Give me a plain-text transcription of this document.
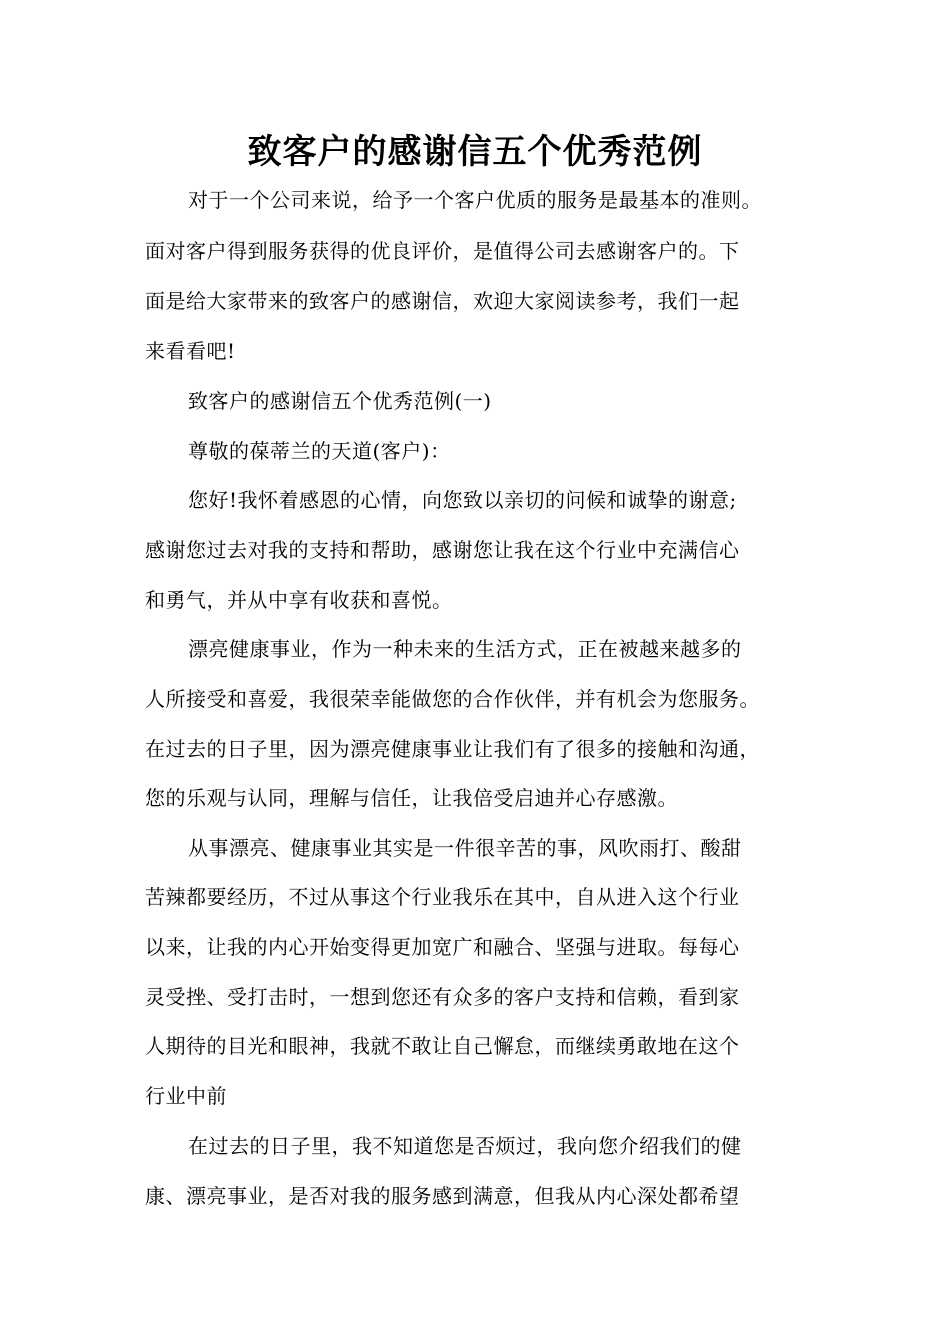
致客户的感谢信五个优秀范例
对于一个公司来说，给予一个客户优质的服务是最基本的准则。
面对客户得到服务获得的优良评价，是值得公司去感谢客户的。下
面是给大家带来的致客户的感谢信，欢迎大家阅读参考，我们一起
来看看吧!
致客户的感谢信五个优秀范例(一)
尊敬的葆蒂兰的天道(客户)：
您好!我怀着感恩的心情，向您致以亲切的问候和诚挚的谢意;
感谢您过去对我的支持和帮助，感谢您让我在这个行业中充满信心
和勇气，并从中享有收获和喜悦。
漂亮健康事业，作为一种未来的生活方式，正在被越来越多的
人所接受和喜爱，我很荣幸能做您的合作伙伴，并有机会为您服务。
在过去的日子里，因为漂亮健康事业让我们有了很多的接触和沟通，
您的乐观与认同，理解与信任，让我倍受启迪并心存感激。
从事漂亮、健康事业其实是一件很辛苦的事，风吹雨打、酸甜
苦辣都要经历，不过从事这个行业我乐在其中，自从进入这个行业
以来，让我的内心开始变得更加宽广和融合、坚强与进取。每每心
灵受挫、受打击时，一想到您还有众多的客户支持和信赖，看到家
人期待的目光和眼神，我就不敢让自己懈怠，而继续勇敢地在这个
行业中前
在过去的日子里，我不知道您是否烦过，我向您介绍我们的健
康、漂亮事业，是否对我的服务感到满意，但我从内心深处都希望
